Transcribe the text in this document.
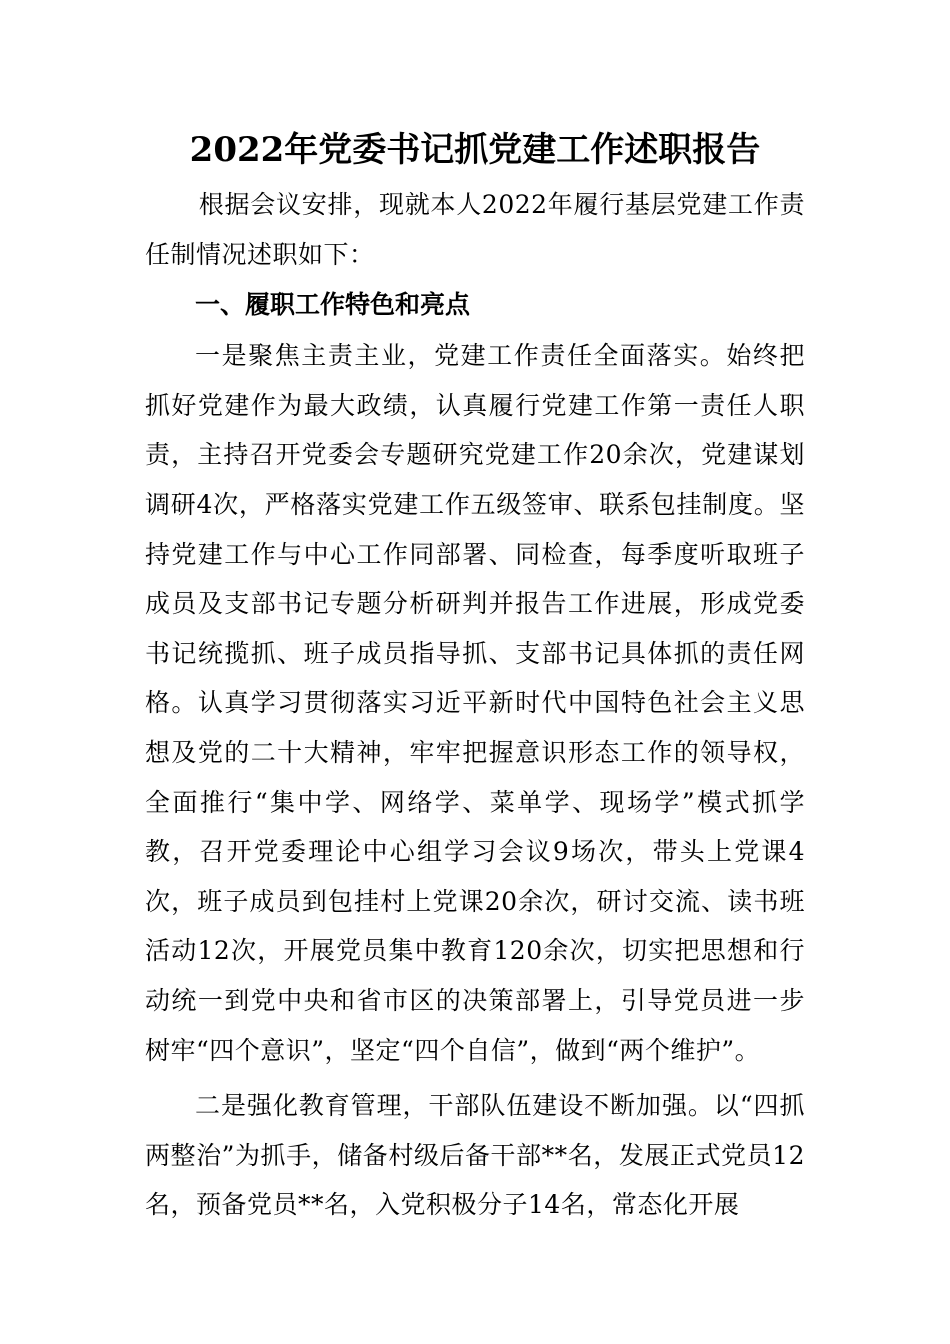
2022年党委书记抓党建工作述职报告

根据会议安排，现就本人2022年履行基层党建工作责任制情况述职如下：

一、履职工作特色和亮点

一是聚焦主责主业，党建工作责任全面落实。始终把抓好党建作为最大政绩，认真履行党建工作第一责任人职责，主持召开党委会专题研究党建工作20余次，党建谋划调研4次，严格落实党建工作五级签审、联系包挂制度。坚持党建工作与中心工作同部署、同检查，每季度听取班子成员及支部书记专题分析研判并报告工作进展，形成党委书记统揽抓、班子成员指导抓、支部书记具体抓的责任网格。认真学习贯彻落实习近平新时代中国特色社会主义思想及党的二十大精神，牢牢把握意识形态工作的领导权，全面推行“集中学、网络学、菜单学、现场学”模式抓学教，召开党委理论中心组学习会议9场次，带头上党课4次，班子成员到包挂村上党课20余次，研讨交流、读书班活动12次，开展党员集中教育120余次，切实把思想和行动统一到党中央和省市区的决策部署上，引导党员进一步树牢“四个意识”，坚定“四个自信”，做到“两个维护”。

二是强化教育管理，干部队伍建设不断加强。以“四抓两整治”为抓手，储备村级后备干部**名，发展正式党员12名，预备党员**名，入党积极分子14名，常态化开展
